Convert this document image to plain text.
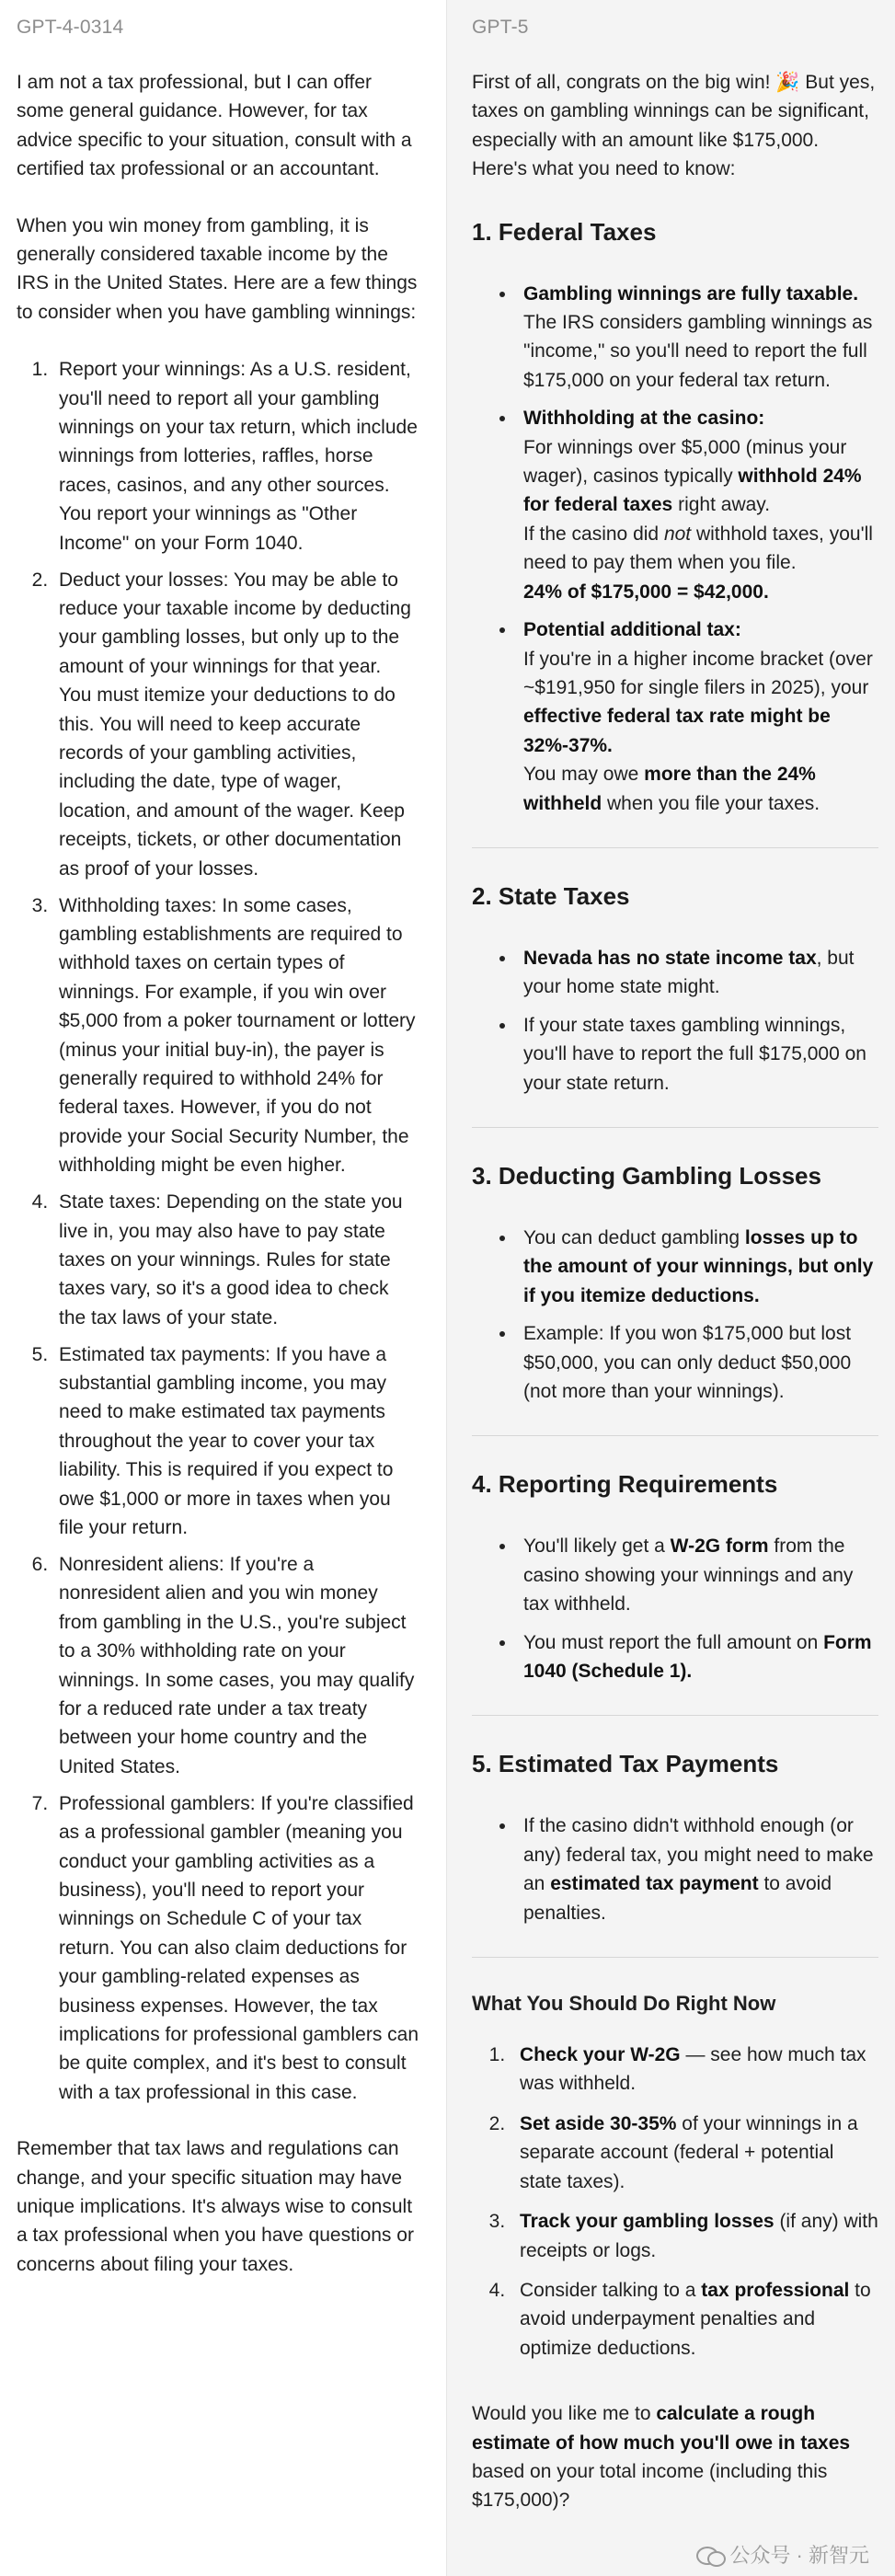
GPT-4-0314

I am not a tax professional, but I can offer some general guidance. However, for tax advice specific to your situation, consult with a certified tax professional or an accountant.

When you win money from gambling, it is generally considered taxable income by the IRS in the United States. Here are a few things to consider when you have gambling winnings:

1. Report your winnings: As a U.S. resident, you'll need to report all your gambling winnings on your tax return, which include winnings from lotteries, raffles, horse races, casinos, and any other sources. You report your winnings as "Other Income" on your Form 1040.
2. Deduct your losses: You may be able to reduce your taxable income by deducting your gambling losses, but only up to the amount of your winnings for that year. You must itemize your deductions to do this. You will need to keep accurate records of your gambling activities, including the date, type of wager, location, and amount of the wager. Keep receipts, tickets, or other documentation as proof of your losses.
3. Withholding taxes: In some cases, gambling establishments are required to withhold taxes on certain types of winnings. For example, if you win over $5,000 from a poker tournament or lottery (minus your initial buy-in), the payer is generally required to withhold 24% for federal taxes. However, if you do not provide your Social Security Number, the withholding might be even higher.
4. State taxes: Depending on the state you live in, you may also have to pay state taxes on your winnings. Rules for state taxes vary, so it's a good idea to check the tax laws of your state.
5. Estimated tax payments: If you have a substantial gambling income, you may need to make estimated tax payments throughout the year to cover your tax liability. This is required if you expect to owe $1,000 or more in taxes when you file your return.
6. Nonresident aliens: If you're a nonresident alien and you win money from gambling in the U.S., you're subject to a 30% withholding rate on your winnings. In some cases, you may qualify for a reduced rate under a tax treaty between your home country and the United States.
7. Professional gamblers: If you're classified as a professional gambler (meaning you conduct your gambling activities as a business), you'll need to report your winnings on Schedule C of your tax return. You can also claim deductions for your gambling-related expenses as business expenses. However, the tax implications for professional gamblers can be quite complex, and it's best to consult with a tax professional in this case.

Remember that tax laws and regulations can change, and your specific situation may have unique implications. It's always wise to consult a tax professional when you have questions or concerns about filing your taxes.

GPT-5

First of all, congrats on the big win! 🎉 But yes, taxes on gambling winnings can be significant, especially with an amount like $175,000. Here's what you need to know:

1. Federal Taxes
Gambling winnings are fully taxable. The IRS considers gambling winnings as "income," so you'll need to report the full $175,000 on your federal tax return.
Withholding at the casino:
For winnings over $5,000 (minus your wager), casinos typically withhold 24% for federal taxes right away.
If the casino did not withhold taxes, you'll need to pay them when you file.
24% of $175,000 = $42,000.
Potential additional tax:
If you're in a higher income bracket (over ~$191,950 for single filers in 2025), your effective federal tax rate might be 32%-37%.
You may owe more than the 24% withheld when you file your taxes.
2. State Taxes
Nevada has no state income tax, but your home state might.
If your state taxes gambling winnings, you'll have to report the full $175,000 on your state return.
3. Deducting Gambling Losses
You can deduct gambling losses up to the amount of your winnings, but only if you itemize deductions.
Example: If you won $175,000 but lost $50,000, you can only deduct $50,000 (not more than your winnings).
4. Reporting Requirements
You'll likely get a W-2G form from the casino showing your winnings and any tax withheld.
You must report the full amount on Form 1040 (Schedule 1).
5. Estimated Tax Payments
If the casino didn't withhold enough (or any) federal tax, you might need to make an estimated tax payment to avoid penalties.
What You Should Do Right Now
1. Check your W-2G — see how much tax was withheld.
2. Set aside 30-35% of your winnings in a separate account (federal + potential state taxes).
3. Track your gambling losses (if any) with receipts or logs.
4. Consider talking to a tax professional to avoid underpayment penalties and optimize deductions.

Would you like me to calculate a rough estimate of how much you'll owe in taxes based on your total income (including this $175,000)?

公众号 · 新智元
